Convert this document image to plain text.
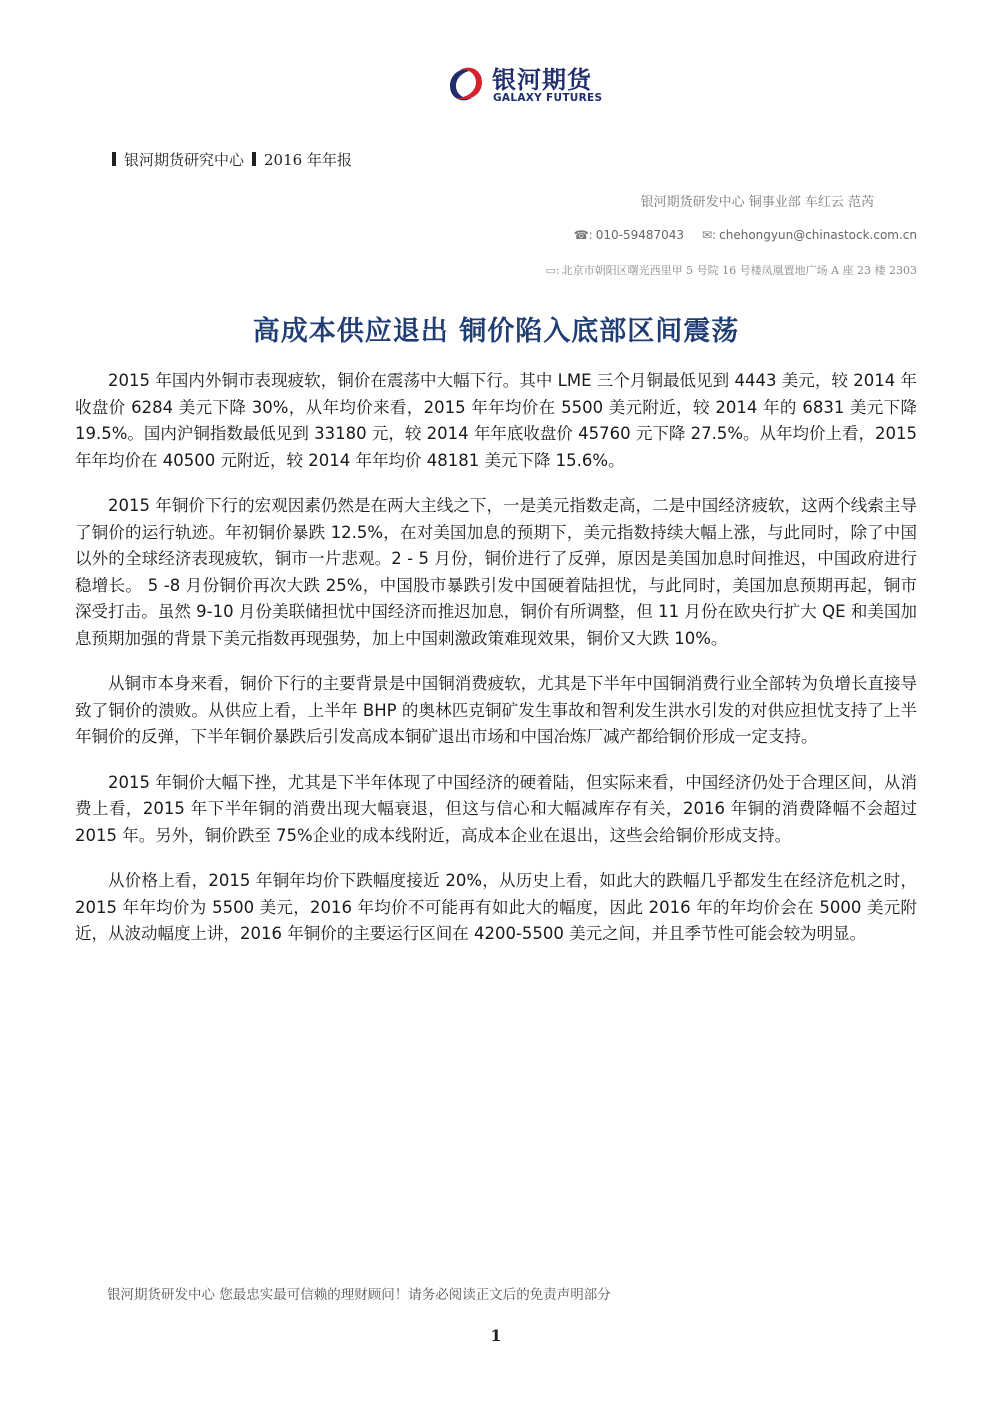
银河期货
GALAXY FUTURES
银河期货研究中心 2016 年年报
银河期货研发中心 铜事业部 车红云 范芮
☎: 010-59487043 ✉: chehongyun@chinastock.com.cn
▭: 北京市朝阳区曙光西里甲 5 号院 16 号楼凤凰置地广场 A 座 23 楼 2303
高成本供应退出 铜价陷入底部区间震荡

2015 年国内外铜市表现疲软，铜价在震荡中大幅下行。其中 LME 三个月铜最低见到 4443 美元，较 2014 年收盘价 6284 美元下降 30%，从年均价来看，2015 年年均价在 5500 美元附近，较 2014 年的 6831 美元下降 19.5%。国内沪铜指数最低见到 33180 元，较 2014 年年底收盘价 45760 元下降 27.5%。从年均价上看，2015 年年均价在 40500 元附近，较 2014 年年均价 48181 美元下降 15.6%。

2015 年铜价下行的宏观因素仍然是在两大主线之下，一是美元指数走高，二是中国经济疲软，这两个线索主导了铜价的运行轨迹。年初铜价暴跌 12.5%，在对美国加息的预期下，美元指数持续大幅上涨，与此同时，除了中国以外的全球经济表现疲软，铜市一片悲观。2 - 5 月份，铜价进行了反弹，原因是美国加息时间推迟，中国政府进行稳增长。 5 -8 月份铜价再次大跌 25%，中国股市暴跌引发中国硬着陆担忧，与此同时，美国加息预期再起，铜市深受打击。虽然 9-10 月份美联储担忧中国经济而推迟加息，铜价有所调整，但 11 月份在欧央行扩大 QE 和美国加息预期加强的背景下美元指数再现强势，加上中国刺激政策难现效果，铜价又大跌 10%。

从铜市本身来看，铜价下行的主要背景是中国铜消费疲软，尤其是下半年中国铜消费行业全部转为负增长直接导致了铜价的溃败。从供应上看，上半年 BHP 的奥林匹克铜矿发生事故和智利发生洪水引发的对供应担忧支持了上半年铜价的反弹，下半年铜价暴跌后引发高成本铜矿退出市场和中国冶炼厂减产都给铜价形成一定支持。

2015 年铜价大幅下挫，尤其是下半年体现了中国经济的硬着陆，但实际来看，中国经济仍处于合理区间，从消费上看，2015 年下半年铜的消费出现大幅衰退，但这与信心和大幅减库存有关，2016 年铜的消费降幅不会超过 2015 年。另外，铜价跌至 75%企业的成本线附近，高成本企业在退出，这些会给铜价形成支持。

从价格上看，2015 年铜年均价下跌幅度接近 20%，从历史上看，如此大的跌幅几乎都发生在经济危机之时，2015 年年均价为 5500 美元，2016 年均价不可能再有如此大的幅度，因此 2016 年的年均价会在 5000 美元附近，从波动幅度上讲，2016 年铜价的主要运行区间在 4200-5500 美元之间，并且季节性可能会较为明显。

银河期货研发中心 您最忠实最可信赖的理财顾问！请务必阅读正文后的免责声明部分
1
